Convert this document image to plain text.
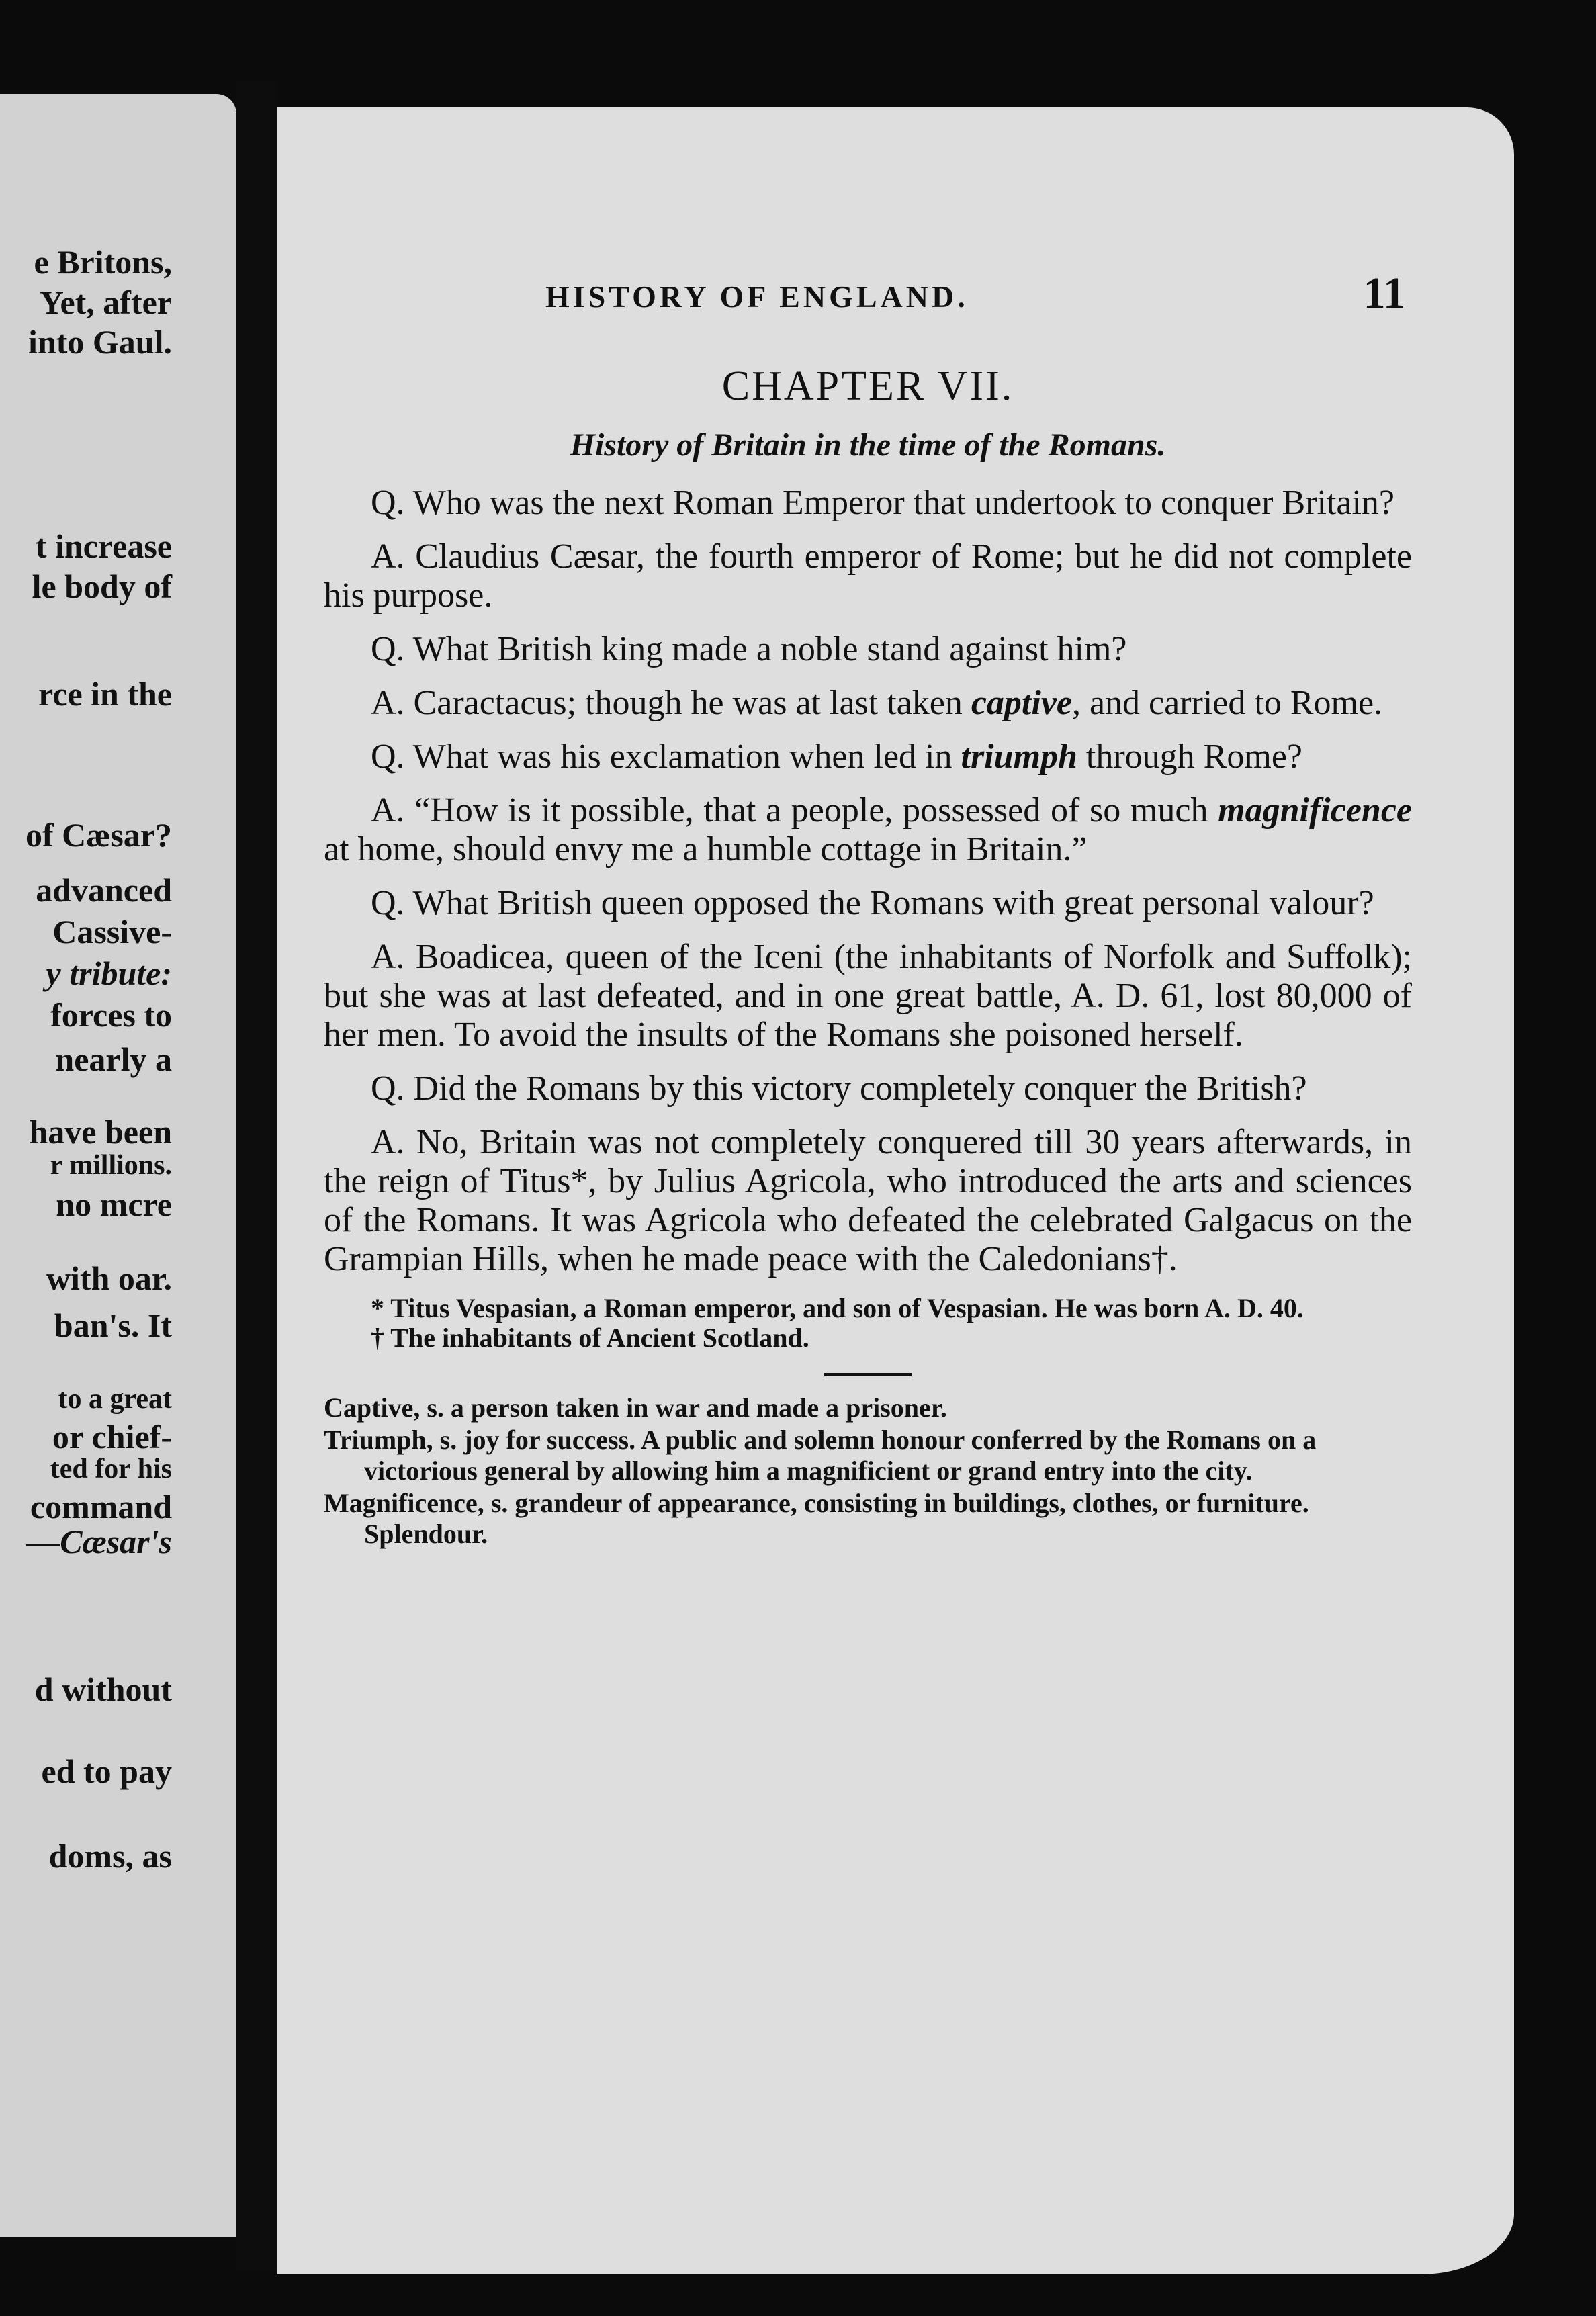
e Britons,
Yet, after
into Gaul.
t increase
le body of
rce in the
of Cæsar?
advanced
Cassive-
y tribute:
forces to
nearly a
have been
r millions.
no mcre
with oar.
ban's. It
to a great
or chief-
ted for his
command
—Cæsar's
d without
ed to pay
doms, as
HISTORY OF ENGLAND.	11
CHAPTER VII.
History of Britain in the time of the Romans.

Q. Who was the next Roman Emperor that undertook to conquer Britain?

A. Claudius Cæsar, the fourth emperor of Rome; but he did not complete his purpose.

Q. What British king made a noble stand against him?

A. Caractacus; though he was at last taken captive, and carried to Rome.

Q. What was his exclamation when led in triumph through Rome?

A. “How is it possible, that a people, possessed of so much magnificence at home, should envy me a humble cottage in Britain.”

Q. What British queen opposed the Romans with great personal valour?

A. Boadicea, queen of the Iceni (the inhabitants of Norfolk and Suffolk); but she was at last defeated, and in one great battle, A. D. 61, lost 80,000 of her men. To avoid the insults of the Romans she poisoned herself.

Q. Did the Romans by this victory completely conquer the British?

A. No, Britain was not completely conquered till 30 years afterwards, in the reign of Titus*, by Julius Agricola, who introduced the arts and sciences of the Romans. It was Agricola who defeated the celebrated Galgacus on the Grampian Hills, when he made peace with the Caledonians†.

* Titus Vespasian, a Roman emperor, and son of Vespasian. He was born A. D. 40.

† The inhabitants of Ancient Scotland.

Captive, s. a person taken in war and made a prisoner.

Triumph, s. joy for success. A public and solemn honour conferred by the Romans on a victorious general by allowing him a magnificient or grand entry into the city.

Magnificence, s. grandeur of appearance, consisting in buildings, clothes, or furniture. Splendour.
